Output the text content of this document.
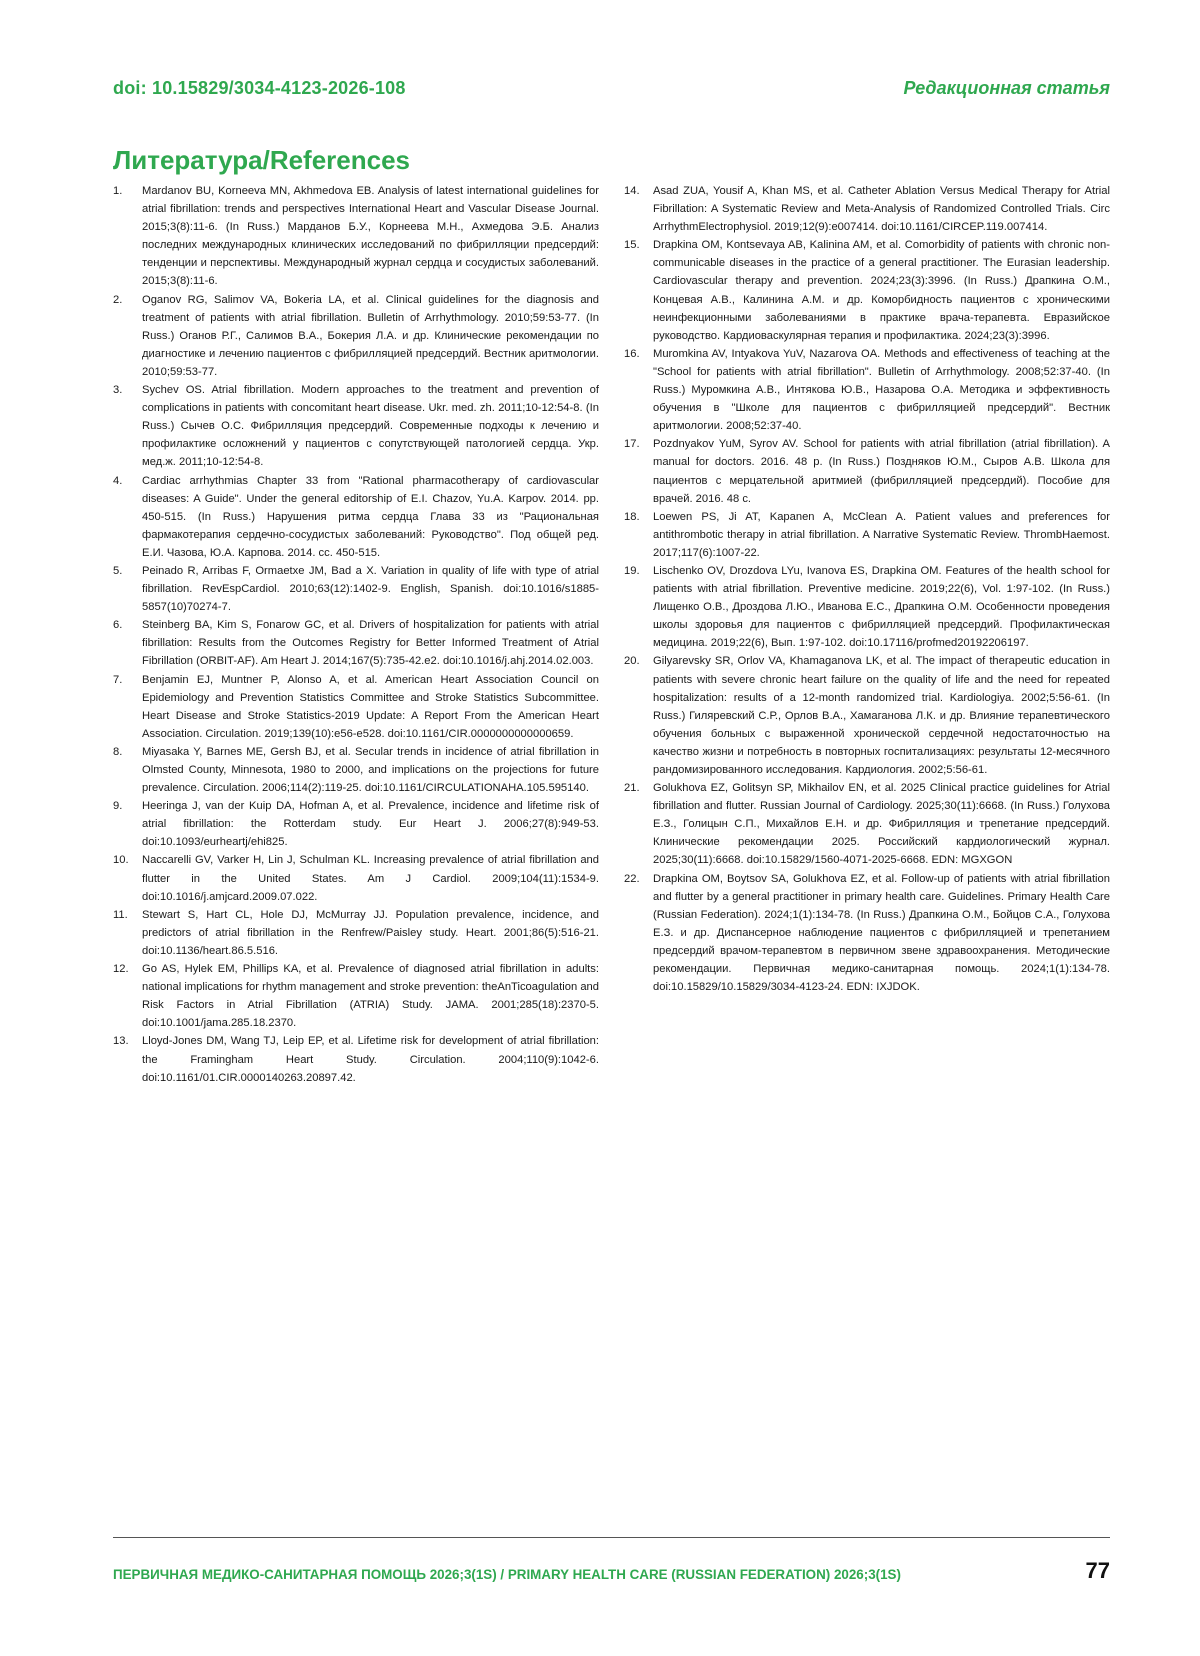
doi: 10.15829/3034-4123-2026-108	Редакционная статья
Литература/References
1.	Mardanov BU, Korneeva MN, Akhmedova EB. Analysis of latest international guidelines for atrial fibrillation: trends and perspectives International Heart and Vascular Disease Journal. 2015;3(8):11-6. (In Russ.) Марданов Б.У., Корнеева М.Н., Ахмедова Э.Б. Анализ последних международных клинических исследований по фибрилляции предсердий: тенденции и перспективы. Международный журнал сердца и сосудистых заболеваний. 2015;3(8):11-6.
2.	Oganov RG, Salimov VA, Bokeria LA, et al. Clinical guidelines for the diagnosis and treatment of patients with atrial fibrillation. Bulletin of Arrhythmology. 2010;59:53-77. (In Russ.) Оганов Р.Г., Салимов В.А., Бокерия Л.А. и др. Клинические рекомендации по диагностике и лечению пациентов с фибрилляцией предсердий. Вестник аритмологии. 2010;59:53-77.
3.	Sychev OS. Atrial fibrillation. Modern approaches to the treatment and prevention of complications in patients with concomitant heart disease. Ukr. med. zh. 2011;10-12:54-8. (In Russ.) Сычев О.С. Фибрилляция предсердий. Современные подходы к лечению и профилактике осложнений у пациентов с сопутствующей патологией сердца. Укр. мед.ж. 2011;10-12:54-8.
4.	Cardiac arrhythmias Chapter 33 from "Rational pharmacotherapy of cardiovascular diseases: A Guide". Under the general editorship of E.I. Chazov, Yu.A. Karpov. 2014. pp. 450-515. (In Russ.) Нарушения ритма сердца Глава 33 из "Рациональная фармакотерапия сердечно-сосудистых заболеваний: Руководство". Под общей ред. Е.И. Чазова, Ю.А. Карпова. 2014. сс. 450-515.
5.	Peinado R, Arribas F, Ormaetxe JM, Bad a X. Variation in quality of life with type of atrial fibrillation. RevEspCardiol. 2010;63(12):1402-9. English, Spanish. doi:10.1016/s1885-5857(10)70274-7.
6.	Steinberg BA, Kim S, Fonarow GC, et al. Drivers of hospitalization for patients with atrial fibrillation: Results from the Outcomes Registry for Better Informed Treatment of Atrial Fibrillation (ORBIT-AF). Am Heart J. 2014;167(5):735-42.e2. doi:10.1016/j.ahj.2014.02.003.
7.	Benjamin EJ, Muntner P, Alonso A, et al. American Heart Association Council on Epidemiology and Prevention Statistics Committee and Stroke Statistics Subcommittee. Heart Disease and Stroke Statistics-2019 Update: A Report From the American Heart Association. Circulation. 2019;139(10):e56-e528. doi:10.1161/CIR.0000000000000659.
8.	Miyasaka Y, Barnes ME, Gersh BJ, et al. Secular trends in incidence of atrial fibrillation in Olmsted County, Minnesota, 1980 to 2000, and implications on the projections for future prevalence. Circulation. 2006;114(2):119-25. doi:10.1161/CIRCULATIONAHA.105.595140.
9.	Heeringa J, van der Kuip DA, Hofman A, et al. Prevalence, incidence and lifetime risk of atrial fibrillation: the Rotterdam study. Eur Heart J. 2006;27(8):949-53. doi:10.1093/eurheartj/ehi825.
10.	Naccarelli GV, Varker H, Lin J, Schulman KL. Increasing prevalence of atrial fibrillation and flutter in the United States. Am J Cardiol. 2009;104(11):1534-9. doi:10.1016/j.amjcard.2009.07.022.
11.	Stewart S, Hart CL, Hole DJ, McMurray JJ. Population prevalence, incidence, and predictors of atrial fibrillation in the Renfrew/Paisley study. Heart. 2001;86(5):516-21. doi:10.1136/heart.86.5.516.
12.	Go AS, Hylek EM, Phillips KA, et al. Prevalence of diagnosed atrial fibrillation in adults: national implications for rhythm management and stroke prevention: theAnTicoagulation and Risk Factors in Atrial Fibrillation (ATRIA) Study. JAMA. 2001;285(18):2370-5. doi:10.1001/jama.285.18.2370.
13.	Lloyd-Jones DM, Wang TJ, Leip EP, et al. Lifetime risk for development of atrial fibrillation: the Framingham Heart Study. Circulation. 2004;110(9):1042-6. doi:10.1161/01.CIR.0000140263.20897.42.
14.	Asad ZUA, Yousif A, Khan MS, et al. Catheter Ablation Versus Medical Therapy for Atrial Fibrillation: A Systematic Review and Meta-Analysis of Randomized Controlled Trials. Circ ArrhythmElectrophysiol. 2019;12(9):e007414. doi:10.1161/CIRCEP.119.007414.
15.	Drapkina OM, Kontsevaya AB, Kalinina AM, et al. Comorbidity of patients with chronic non-communicable diseases in the practice of a general practitioner. The Eurasian leadership. Cardiovascular therapy and prevention. 2024;23(3):3996. (In Russ.) Драпкина О.М., Концевая А.В., Калинина А.М. и др. Коморбидность пациентов с хроническими неинфекционными заболеваниями в практике врача-терапевта. Евразийское руководство. Кардиоваскулярная терапия и профилактика. 2024;23(3):3996.
16.	Muromkina AV, Intyakova YuV, Nazarova OA. Methods and effectiveness of teaching at the "School for patients with atrial fibrillation". Bulletin of Arrhythmology. 2008;52:37-40. (In Russ.) Муромкина А.В., Интякова Ю.В., Назарова О.А. Методика и эффективность обучения в "Школе для пациентов с фибрилляцией предсердий". Вестник аритмологии. 2008;52:37-40.
17.	Pozdnyakov YuM, Syrov AV. School for patients with atrial fibrillation (atrial fibrillation). A manual for doctors. 2016. 48 p. (In Russ.) Поздняков Ю.М., Сыров А.В. Школа для пациентов с мерцательной аритмией (фибрилляцией предсердий). Пособие для врачей. 2016. 48 с.
18.	Loewen PS, Ji AT, Kapanen A, McClean A. Patient values and preferences for antithrombotic therapy in atrial fibrillation. A Narrative Systematic Review. ThrombHaemost. 2017;117(6):1007-22.
19.	Lischenko OV, Drozdova LYu, Ivanova ES, Drapkina OM. Features of the health school for patients with atrial fibrillation. Preventive medicine. 2019;22(6), Vol. 1:97-102. (In Russ.) Лищенко О.В., Дроздова Л.Ю., Иванова Е.С., Драпкина О.М. Особенности проведения школы здоровья для пациентов с фибрилляцией предсердий. Профилактическая медицина. 2019;22(6), Вып. 1:97-102. doi:10.17116/profmed20192206197.
20.	Gilyarevsky SR, Orlov VA, Khamaganova LK, et al. The impact of therapeutic education in patients with severe chronic heart failure on the quality of life and the need for repeated hospitalization: results of a 12-month randomized trial. Kardiologiya. 2002;5:56-61. (In Russ.) Гиляревский С.Р., Орлов В.А., Хамаганова Л.К. и др. Влияние терапевтического обучения больных с выраженной хронической сердечной недостаточностью на качество жизни и потребность в повторных госпитализациях: результаты 12-месячного рандомизированного исследования. Кардиология. 2002;5:56-61.
21.	Golukhova EZ, Golitsyn SP, Mikhailov EN, et al. 2025 Clinical practice guidelines for Atrial fibrillation and flutter. Russian Journal of Cardiology. 2025;30(11):6668. (In Russ.) Голухова Е.З., Голицын С.П., Михайлов Е.Н. и др. Фибрилляция и трепетание предсердий. Клинические рекомендации 2025. Российский кардиологический журнал. 2025;30(11):6668. doi:10.15829/1560-4071-2025-6668. EDN: MGXGON
22.	Drapkina OM, Boytsov SA, Golukhova EZ, et al. Follow-up of patients with atrial fibrillation and flutter by a general practitioner in primary health care. Guidelines. Primary Health Care (Russian Federation). 2024;1(1):134-78. (In Russ.) Драпкина О.М., Бойцов С.А., Голухова Е.З. и др. Диспансерное наблюдение пациентов с фибрилляцией и трепетанием предсердий врачом-терапевтом в первичном звене здравоохранения. Методические рекомендации. Первичная медико-санитарная помощь. 2024;1(1):134-78. doi:10.15829/10.15829/3034-4123-24. EDN: IXJDOK.
ПЕРВИЧНАЯ МЕДИКО-САНИТАРНАЯ ПОМОЩЬ 2026;3(1S) / PRIMARY HEALTH CARE (RUSSIAN FEDERATION) 2026;3(1S)	77
